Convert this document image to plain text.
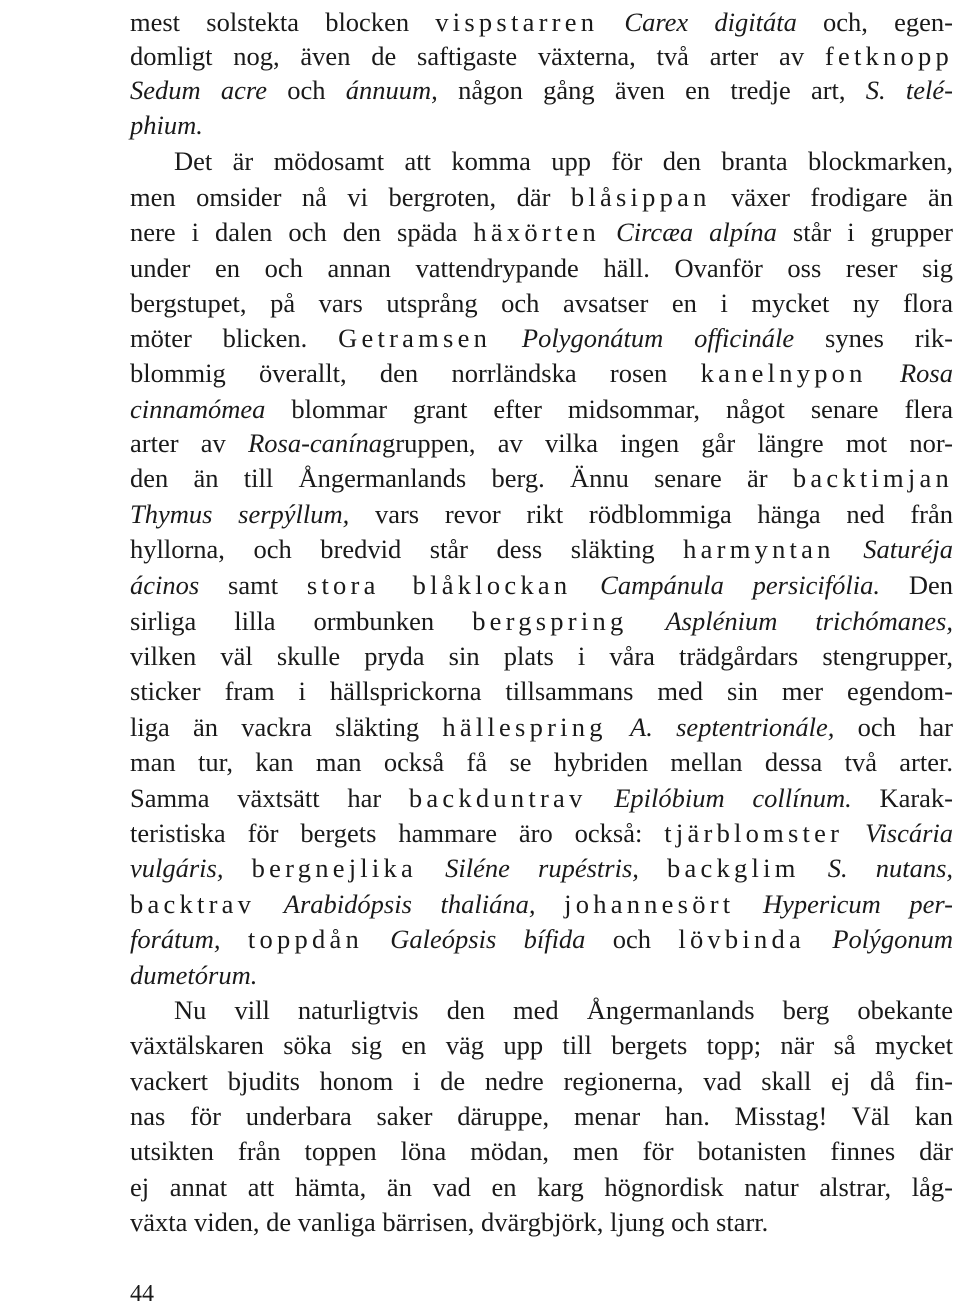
mest solstekta blocken vispstarren Carex digitáta och, egen-
domligt nog, även de saftigaste växterna, två arter av fetknopp
Sedum acre och ánnuum, någon gång även en tredje art, S. telé-
phium.
Det är mödosamt att komma upp för den branta blockmarken,
men omsider nå vi bergroten, där blåsippan växer frodigare än
nere i dalen och den späda häxörten Circæa alpína står i grupper
under en och annan vattendrypande häll. Ovanför oss reser sig
bergstupet, på vars utsprång och avsatser en i mycket ny flora
möter blicken. Getramsen Polygonátum officinále synes rik-
blommig överallt, den norrländska rosen kanelnypon Rosa
cinnamómea blommar grant efter midsommar, något senare flera
arter av Rosa-canínagruppen, av vilka ingen går längre mot nor-
den än till Ångermanlands berg. Ännu senare är backtimjan
Thymus serpýllum, vars revor rikt rödblommiga hänga ned från
hyllorna, och bredvid står dess släkting harmyntan Saturéja
ácinos samt stora blåklockan Campánula persicifólia. Den
sirliga lilla ormbunken bergspring Asplénium trichómanes,
vilken väl skulle pryda sin plats i våra trädgårdars stengrupper,
sticker fram i hällsprickorna tillsammans med sin mer egendom-
liga än vackra släkting hällespring A. septentrionále, och har
man tur, kan man också få se hybriden mellan dessa två arter.
Samma växtsätt har backduntrav Epilóbium collínum. Karak-
teristiska för bergets hammare äro också: tjärblomster Viscária
vulgáris, bergnejlika Siléne rupéstris, backglim S. nutans,
backtrav Arabidópsis thaliána, johannesört Hypericum per-
forátum, toppdån Galeópsis bífida och lövbinda Polýgonum
dumetórum.
Nu vill naturligtvis den med Ångermanlands berg obekante
växtälskaren söka sig en väg upp till bergets topp; när så mycket
vackert bjudits honom i de nedre regionerna, vad skall ej då fin-
nas för underbara saker däruppe, menar han. Misstag! Väl kan
utsikten från toppen löna mödan, men för botanisten finnes där
ej annat att hämta, än vad en karg högnordisk natur alstrar, låg-
växta viden, de vanliga bärrisen, dvärgbjörk, ljung och starr.
44
